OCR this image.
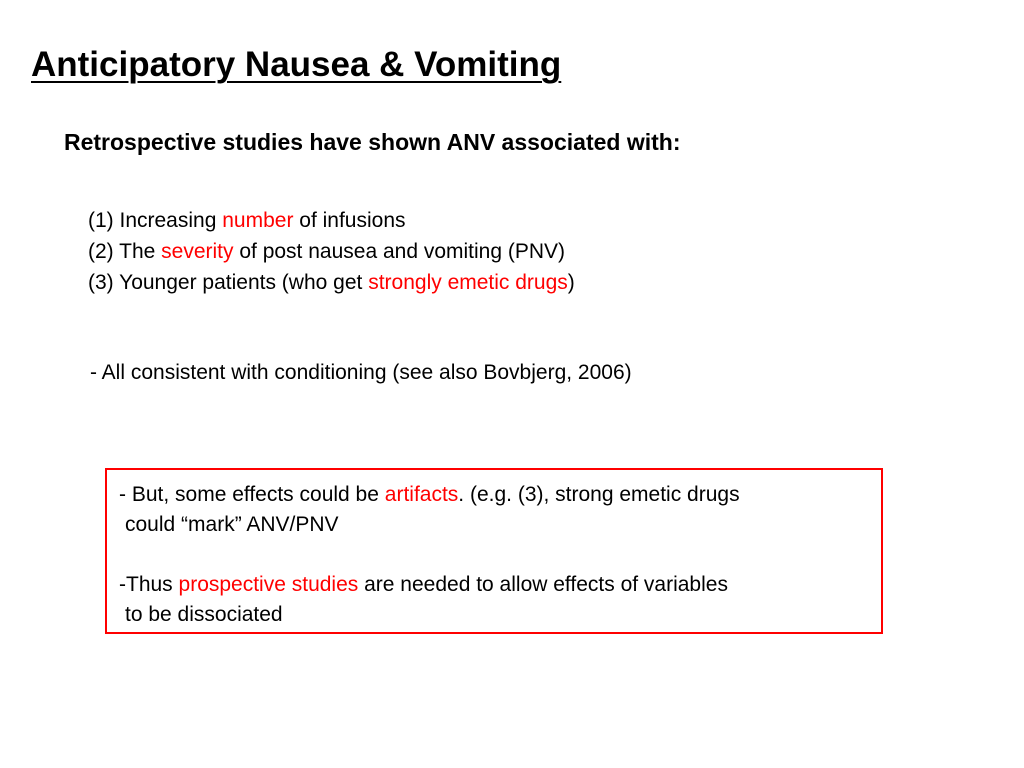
Anticipatory Nausea & Vomiting
Retrospective studies have shown ANV associated with:
(1) Increasing number of infusions
(2) The severity of post nausea and vomiting (PNV)
(3) Younger patients (who get strongly emetic drugs)

- All consistent with conditioning (see also Bovbjerg, 2006)

- But, some effects could be artifacts. (e.g. (3), strong emetic drugs

could “mark” ANV/PNV

-Thus prospective studies are needed to allow effects of variables

to be dissociated
